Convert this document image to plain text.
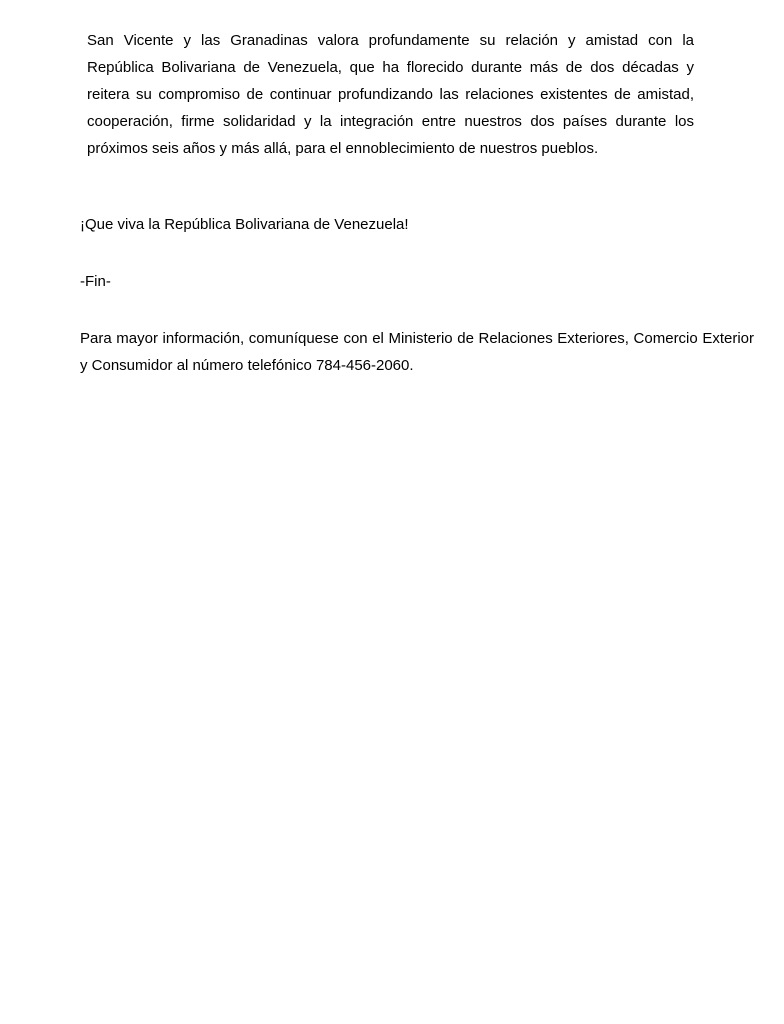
San Vicente y las Granadinas valora profundamente su relación y amistad con la República Bolivariana de Venezuela, que ha florecido durante más de dos décadas y reitera su compromiso de continuar profundizando las relaciones existentes de amistad, cooperación, firme solidaridad y la integración entre nuestros dos países durante los próximos seis años y más allá, para el ennoblecimiento de nuestros pueblos.

¡Que viva la República Bolivariana de Venezuela!

-Fin-

Para mayor información, comuníquese con el Ministerio de Relaciones Exteriores, Comercio Exterior y Consumidor al número telefónico 784-456-2060.
